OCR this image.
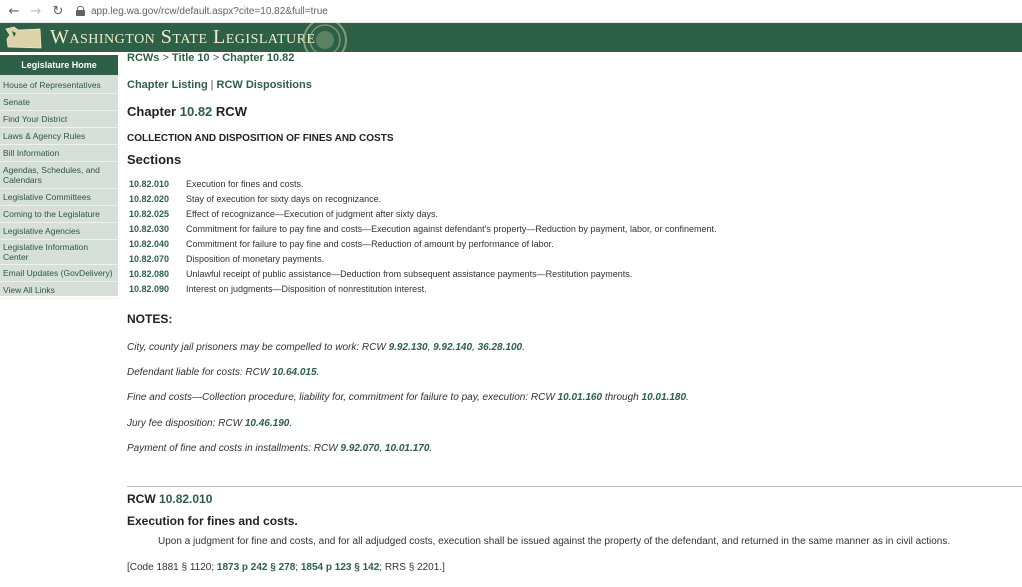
← → ↻	app.leg.wa.gov/rcw/default.aspx?cite=10.82&full=true
Washington State Legislature
Legislature Home
House of Representatives
Senate
Find Your District
Laws & Agency Rules
Bill Information
Agendas, Schedules, and Calendars
Legislative Committees
Coming to the Legislature
Legislative Agencies
Legislative Information Center
Email Updates (GovDelivery)
View All Links
RCWs > Title 10 > Chapter 10.82
Chapter Listing | RCW Dispositions
Chapter 10.82 RCW
COLLECTION AND DISPOSITION OF FINES AND COSTS
Sections
10.82.010	Execution for fines and costs.
10.82.020	Stay of execution for sixty days on recognizance.
10.82.025	Effect of recognizance—Execution of judgment after sixty days.
10.82.030	Commitment for failure to pay fine and costs—Execution against defendant's property—Reduction by payment, labor, or confinement.
10.82.040	Commitment for failure to pay fine and costs—Reduction of amount by performance of labor.
10.82.070	Disposition of monetary payments.
10.82.080	Unlawful receipt of public assistance—Deduction from subsequent assistance payments—Restitution payments.
10.82.090	Interest on judgments—Disposition of nonrestitution interest.
NOTES:
City, county jail prisoners may be compelled to work: RCW 9.92.130, 9.92.140, 36.28.100.
Defendant liable for costs: RCW 10.64.015.
Fine and costs—Collection procedure, liability for, commitment for failure to pay, execution: RCW 10.01.160 through 10.01.180.
Jury fee disposition: RCW 10.46.190.
Payment of fine and costs in installments: RCW 9.92.070, 10.01.170.
RCW 10.82.010
Execution for fines and costs.
Upon a judgment for fine and costs, and for all adjudged costs, execution shall be issued against the property of the defendant, and returned in the same manner as in civil actions.
[Code 1881 § 1120; 1873 p 242 § 278; 1854 p 123 § 142; RRS § 2201.]
